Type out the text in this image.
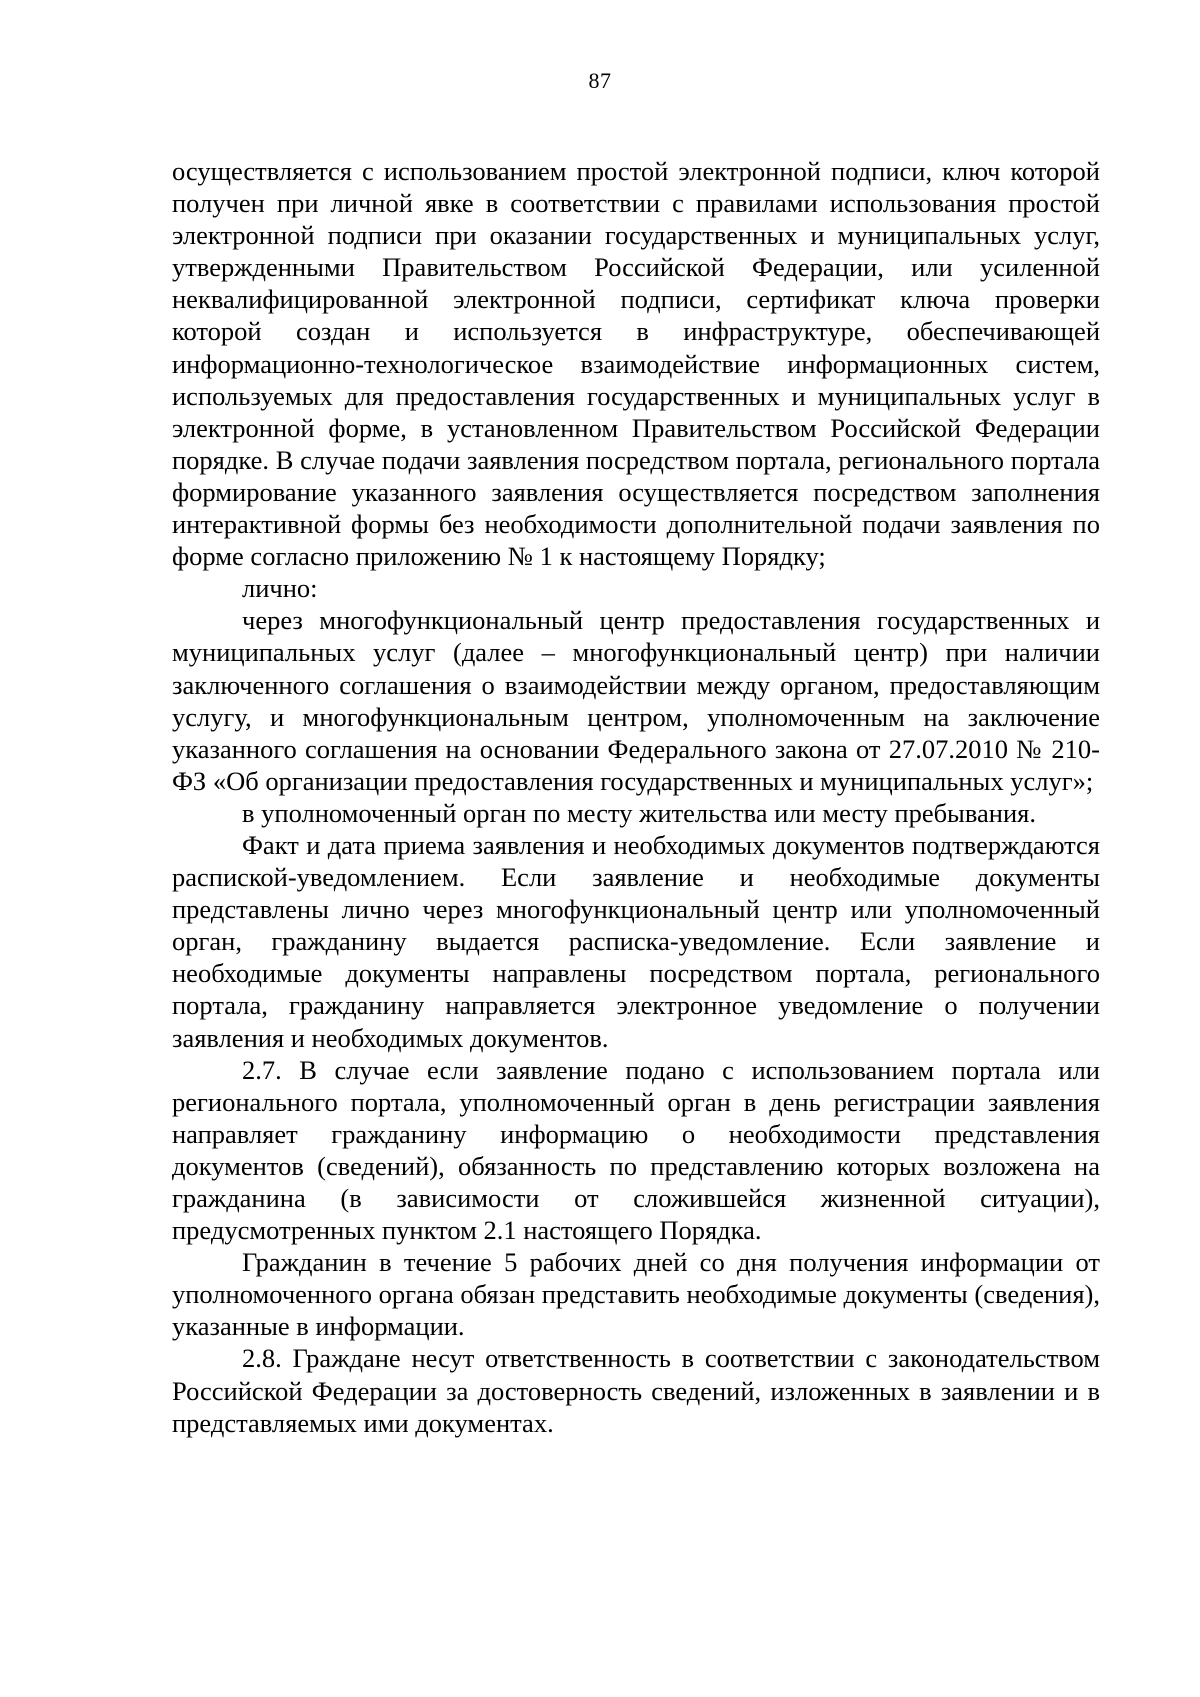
87

осуществляется с использованием простой электронной подписи, ключ которой получен при личной явке в соответствии с правилами использования простой электронной подписи при оказании государственных и муниципальных услуг, утвержденными Правительством Российской Федерации, или усиленной неквалифицированной электронной подписи, сертификат ключа проверки которой создан и используется в инфраструктуре, обеспечивающей информационно-технологическое взаимодействие информационных систем, используемых для предоставления государственных и муниципальных услуг в электронной форме, в установленном Правительством Российской Федерации порядке. В случае подачи заявления посредством портала, регионального портала формирование указанного заявления осуществляется посредством заполнения интерактивной формы без необходимости дополнительной подачи заявления по форме согласно приложению № 1 к настоящему Порядку;

лично:

через многофункциональный центр предоставления государственных и муниципальных услуг (далее – многофункциональный центр) при наличии заключенного соглашения о взаимодействии между органом, предоставляющим услугу, и многофункциональным центром, уполномоченным на заключение указанного соглашения на основании Федерального закона от 27.07.2010 № 210-ФЗ «Об организации предоставления государственных и муниципальных услуг»;

в уполномоченный орган по месту жительства или месту пребывания.

Факт и дата приема заявления и необходимых документов подтверждаются распиской-уведомлением. Если заявление и необходимые документы представлены лично через многофункциональный центр или уполномоченный орган, гражданину выдается расписка-уведомление. Если заявление и необходимые документы направлены посредством портала, регионального портала, гражданину направляется электронное уведомление о получении заявления и необходимых документов.

2.7. В случае если заявление подано с использованием портала или регионального портала, уполномоченный орган в день регистрации заявления направляет гражданину информацию о необходимости представления документов (сведений), обязанность по представлению которых возложена на гражданина (в зависимости от сложившейся жизненной ситуации), предусмотренных пунктом 2.1 настоящего Порядка.

Гражданин в течение 5 рабочих дней со дня получения информации от уполномоченного органа обязан представить необходимые документы (сведения), указанные в информации.

2.8. Граждане несут ответственность в соответствии с законодательством Российской Федерации за достоверность сведений, изложенных в заявлении и в представляемых ими документах.
